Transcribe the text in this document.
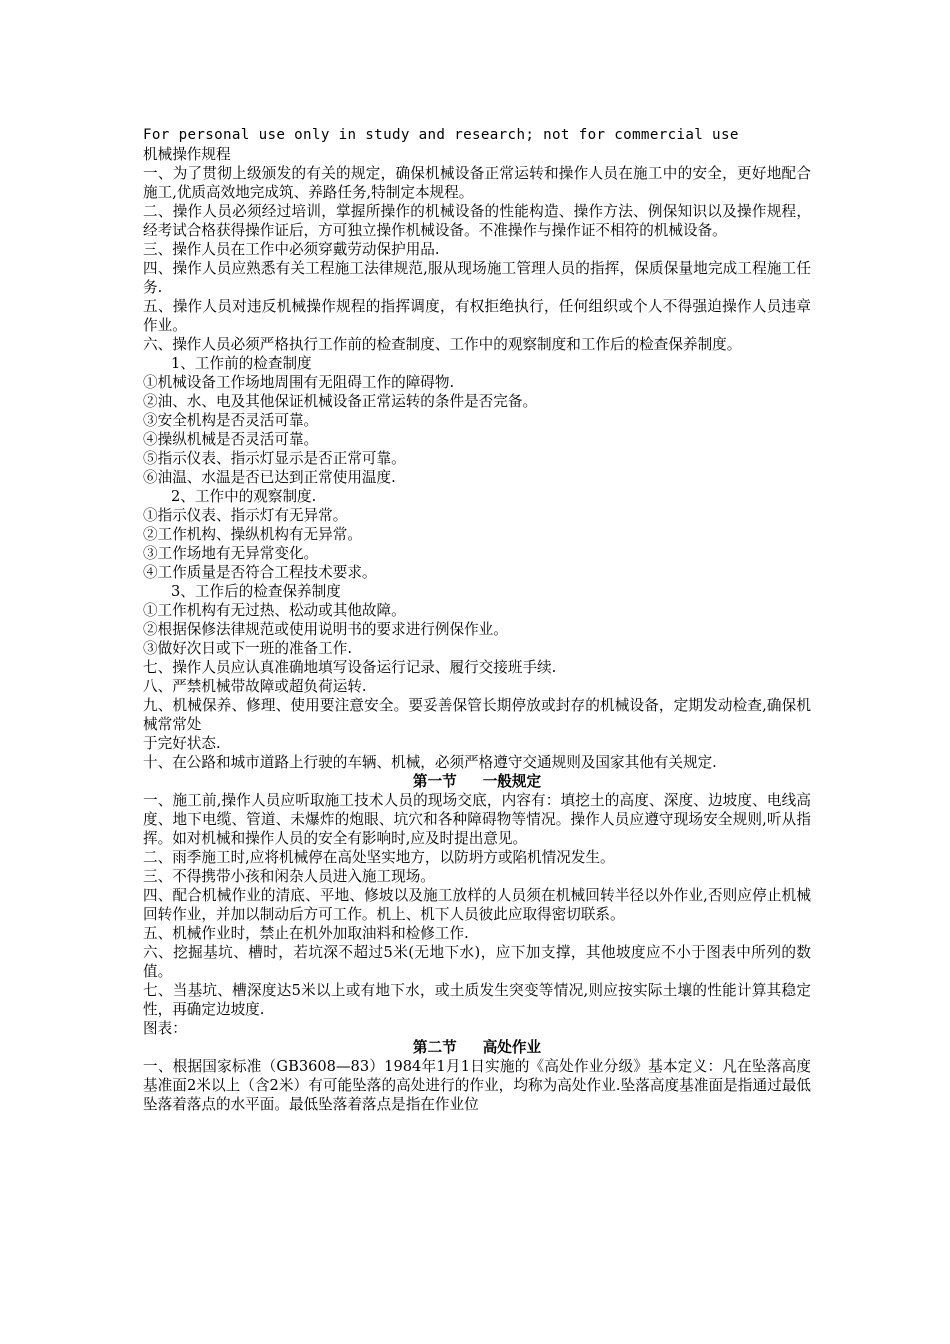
For personal use only in study and research; not for commercial use

机械操作规程

一、为了贯彻上级颁发的有关的规定，确保机械设备正常运转和操作人员在施工中的安全，更好地配合施工,优质高效地完成筑、养路任务,特制定本规程。

二、操作人员必须经过培训，掌握所操作的机械设备的性能构造、操作方法、例保知识以及操作规程，经考试合格获得操作证后，方可独立操作机械设备。不准操作与操作证不相符的机械设备。

三、操作人员在工作中必须穿戴劳动保护用品.

四、操作人员应熟悉有关工程施工法律规范,服从现场施工管理人员的指挥，保质保量地完成工程施工任务.

五、操作人员对违反机械操作规程的指挥调度，有权拒绝执行，任何组织或个人不得强迫操作人员违章作业。

六、操作人员必须严格执行工作前的检查制度、工作中的观察制度和工作后的检查保养制度。

1、工作前的检查制度

①机械设备工作场地周围有无阻碍工作的障碍物.

②油、水、电及其他保证机械设备正常运转的条件是否完备。

③安全机构是否灵活可靠。

④操纵机械是否灵活可靠。

⑤指示仪表、指示灯显示是否正常可靠。

⑥油温、水温是否已达到正常使用温度.

2、工作中的观察制度.

①指示仪表、指示灯有无异常。

②工作机构、操纵机构有无异常。

③工作场地有无异常变化。

④工作质量是否符合工程技术要求。

3、工作后的检查保养制度

①工作机构有无过热、松动或其他故障。

②根据保修法律规范或使用说明书的要求进行例保作业。

③做好次日或下一班的准备工作.

七、操作人员应认真准确地填写设备运行记录、履行交接班手续.

八、严禁机械带故障或超负荷运转.

九、机械保养、修理、使用要注意安全。要妥善保管长期停放或封存的机械设备，定期发动检查,确保机械常常处

于完好状态.

十、在公路和城市道路上行驶的车辆、机械，必须严格遵守交通规则及国家其他有关规定.

第一节 一般规定

一、施工前,操作人员应听取施工技术人员的现场交底，内容有：填挖土的高度、深度、边坡度、电线高度、地下电缆、管道、未爆炸的炮眼、坑穴和各种障碍物等情况。操作人员应遵守现场安全规则,听从指挥。如对机械和操作人员的安全有影响时,应及时提出意见。

二、雨季施工时,应将机械停在高处坚实地方，以防坍方或陷机情况发生。

三、不得携带小孩和闲杂人员进入施工现场。

四、配合机械作业的清底、平地、修坡以及施工放样的人员须在机械回转半径以外作业,否则应停止机械回转作业，并加以制动后方可工作。机上、机下人员彼此应取得密切联系。

五、机械作业时，禁止在机外加取油料和检修工作.

六、挖掘基坑、槽时，若坑深不超过5米(无地下水)，应下加支撑，其他坡度应不小于图表中所列的数值。

七、当基坑、槽深度达5米以上或有地下水，或土质发生突变等情况,则应按实际土壤的性能计算其稳定性，再确定边坡度.

图表：

第二节 高处作业

一、根据国家标准（GB3608—83）1984年1月1日实施的《高处作业分级》基本定义：凡在坠落高度基准面2米以上（含2米）有可能坠落的高处进行的作业，均称为高处作业.坠落高度基准面是指通过最低坠落着落点的水平面。最低坠落着落点是指在作业位
